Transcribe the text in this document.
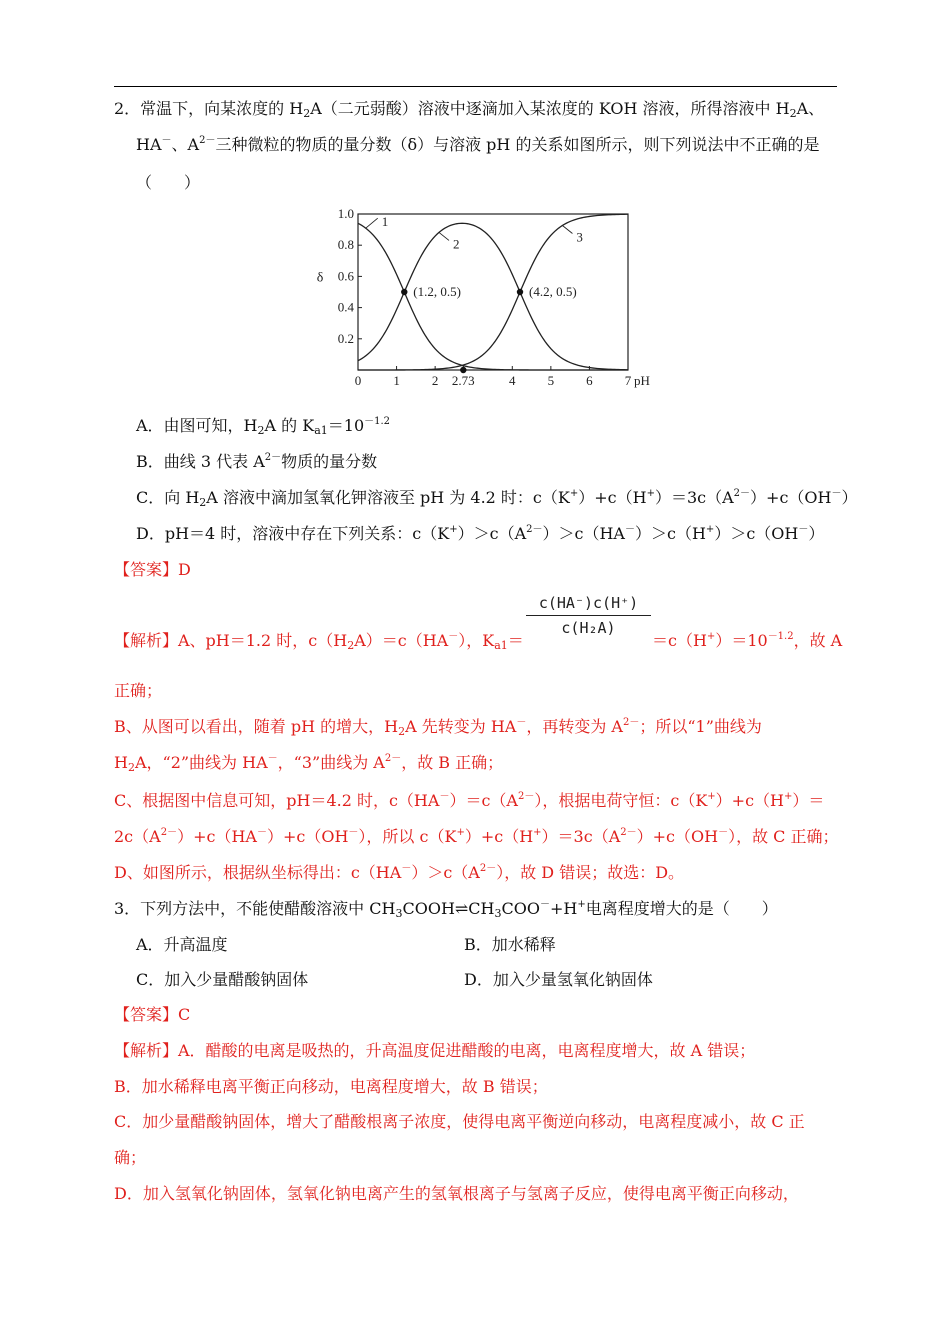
2．常温下，向某浓度的 $H_2A$（二元弱酸）溶液中逐滴加入某浓度的 KOH 溶液，所得溶液中 $H_2A$、
HA－、$A^{2-}$三种微粒的物质的量分数（δ）与溶液 pH 的关系如图所示，则下列说法中不正确的是
（　　）
0 1 2 2.73	4 5 6 7 pH
0.2
0.4
0.6
0.8
1.0
δ
1
2	3
(1.2, 0.5)	(4.2, 0.5)
A．由图可知，$H_2A$ 的 $K_{a1}=10^{-1.2}$
B．曲线 3 代表 $A^{2-}$物质的量分数
C．向 $H_2A$ 溶液中滴加氢氧化钾溶液至 pH 为 4.2 时：$c(K^+)+c(H^+)=3c(A^{2-})+c(OH^-)$
D．pH＝4 时，溶液中存在下列关系：$c(K^+)>c(A^{2-})>c(HA^-)>c(H^+)>c(OH^-)$
【答案】D
$\frac{c(HA^-)c(H^+)}{\text{c(H₂A)}}$
【解析】A、pH＝1.2 时，$c(H_2A)=c(HA^-)$，$K_{a1}=$	$=c(H^+)=10^{-1.2}$，故 A
正确；
B、从图可以看出，随着 pH 的增大，$H_2A$ 先转变为 HA－，再转变为 $A^{2-}$；所以“1”曲线为
$H_2A$，“2”曲线为 HA－，“3”曲线为 $A^{2-}$，故 B 正确；
C、根据图中信息可知，pH＝4.2 时，$c(HA^-)=c(A^{2-})$，根据电荷守恒：c（K+）+c（H+）＝
$2c(A^{2-})+c(HA^-)+c(OH^-)$，所以 $c(K^+)+c(H^+)=3c(A^{2-})+c(OH^-)$，故 C 正确；
D、如图所示，根据纵坐标得出：$c(HA^-)>c(A^{2-})$，故 D 错误；故选：D。
3．下列方法中，不能使醋酸溶液中 $CH_3COOH\rightleftharpoons CH_3COO^-+H^+$电离程度增大的是（　　）
A．升高温度	B．加水稀释
C．加入少量醋酸钠固体	D．加入少量氢氧化钠固体
【答案】C
【解析】A．醋酸的电离是吸热的，升高温度促进醋酸的电离，电离程度增大，故 A 错误；
B．加水稀释电离平衡正向移动，电离程度增大，故 B 错误；
C．加少量醋酸钠固体，增大了醋酸根离子浓度，使得电离平衡逆向移动，电离程度减小，故 C 正
确；
D．加入氢氧化钠固体，氢氧化钠电离产生的氢氧根离子与氢离子反应，使得电离平衡正向移动，
